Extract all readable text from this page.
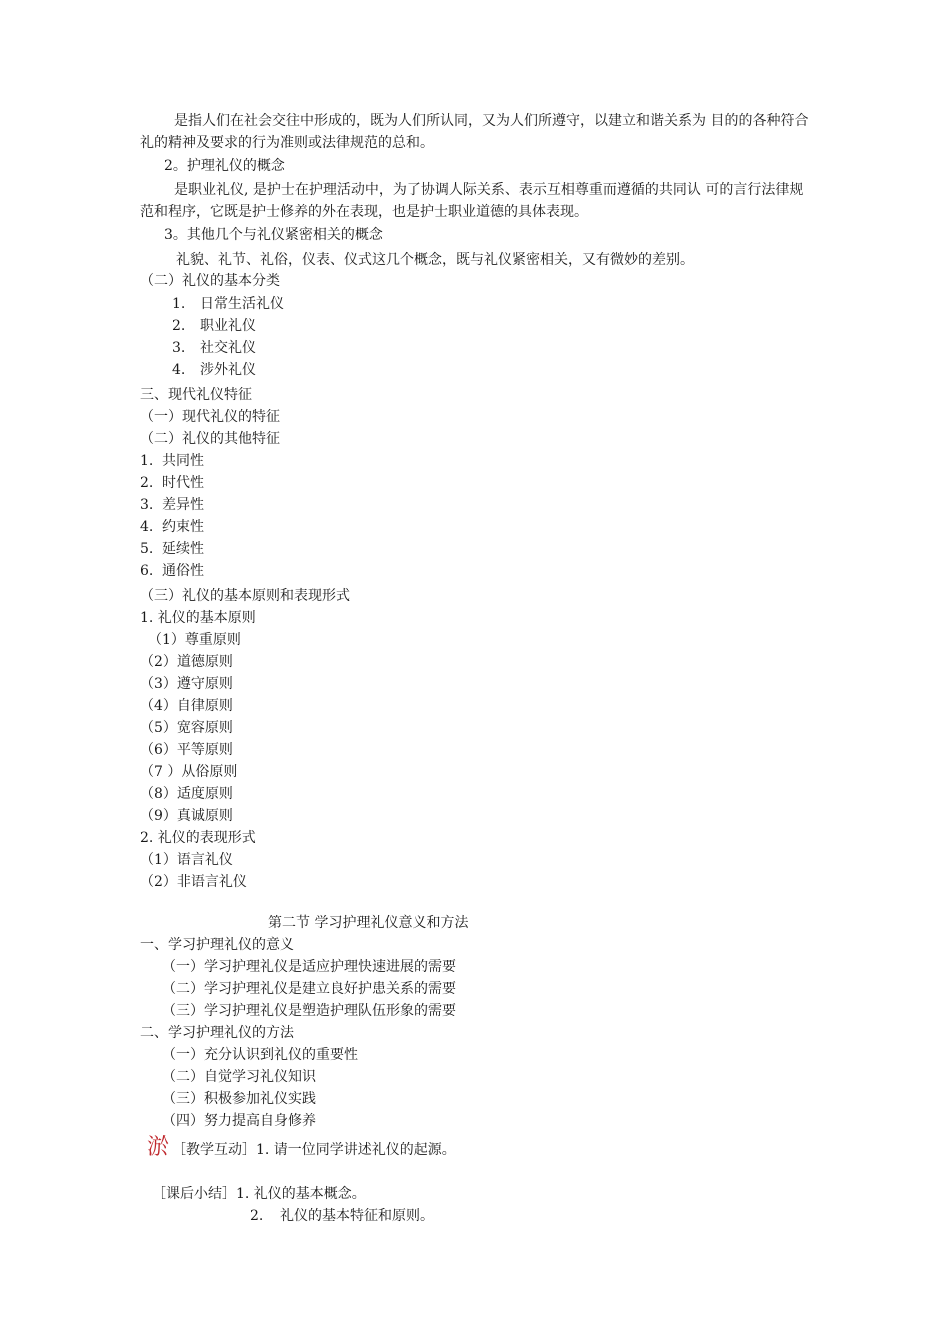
是指人们在社会交往中形成的，既为人们所认同，又为人们所遵守，以建立和谐关系为 目的的各种符合礼的精神及要求的行为准则或法律规范的总和。
2。护理礼仪的概念
是职业礼仪, 是护士在护理活动中，为了协调人际关系、表示互相尊重而遵循的共同认 可的言行法律规范和程序，它既是护士修养的外在表现，也是护士职业道德的具体表现。
3。其他几个与礼仪紧密相关的概念
礼貌、礼节、礼俗，仪表、仪式这几个概念，既与礼仪紧密相关，又有微妙的差别。
（二）礼仪的基本分类
1. 日常生活礼仪
2. 职业礼仪
3. 社交礼仪
4. 涉外礼仪
三、现代礼仪特征
（一）现代礼仪的特征
（二）礼仪的其他特征
1. 共同性
2. 时代性
3. 差异性
4. 约束性
5. 延续性
6. 通俗性
（三）礼仪的基本原则和表现形式
1. 礼仪的基本原则
（1）尊重原则
（2）道德原则
（3）遵守原则
（4）自律原则
（5）宽容原则
（6）平等原则
（7 ）从俗原则
（8）适度原则
（9）真诚原则
2. 礼仪的表现形式
（1）语言礼仪
（2）非语言礼仪
第二节 学习护理礼仪意义和方法
一、学习护理礼仪的意义
（一）学习护理礼仪是适应护理快速进展的需要
（二）学习护理礼仪是建立良好护患关系的需要
（三）学习护理礼仪是塑造护理队伍形象的需要
二、学习护理礼仪的方法
（一）充分认识到礼仪的重要性
（二）自觉学习礼仪知识
（三）积极参加礼仪实践
（四）努力提高自身修养
淤 ［教学互动］1. 请一位同学讲述礼仪的起源。
［课后小结］1. 礼仪的基本概念。
2. 礼仪的基本特征和原则。
